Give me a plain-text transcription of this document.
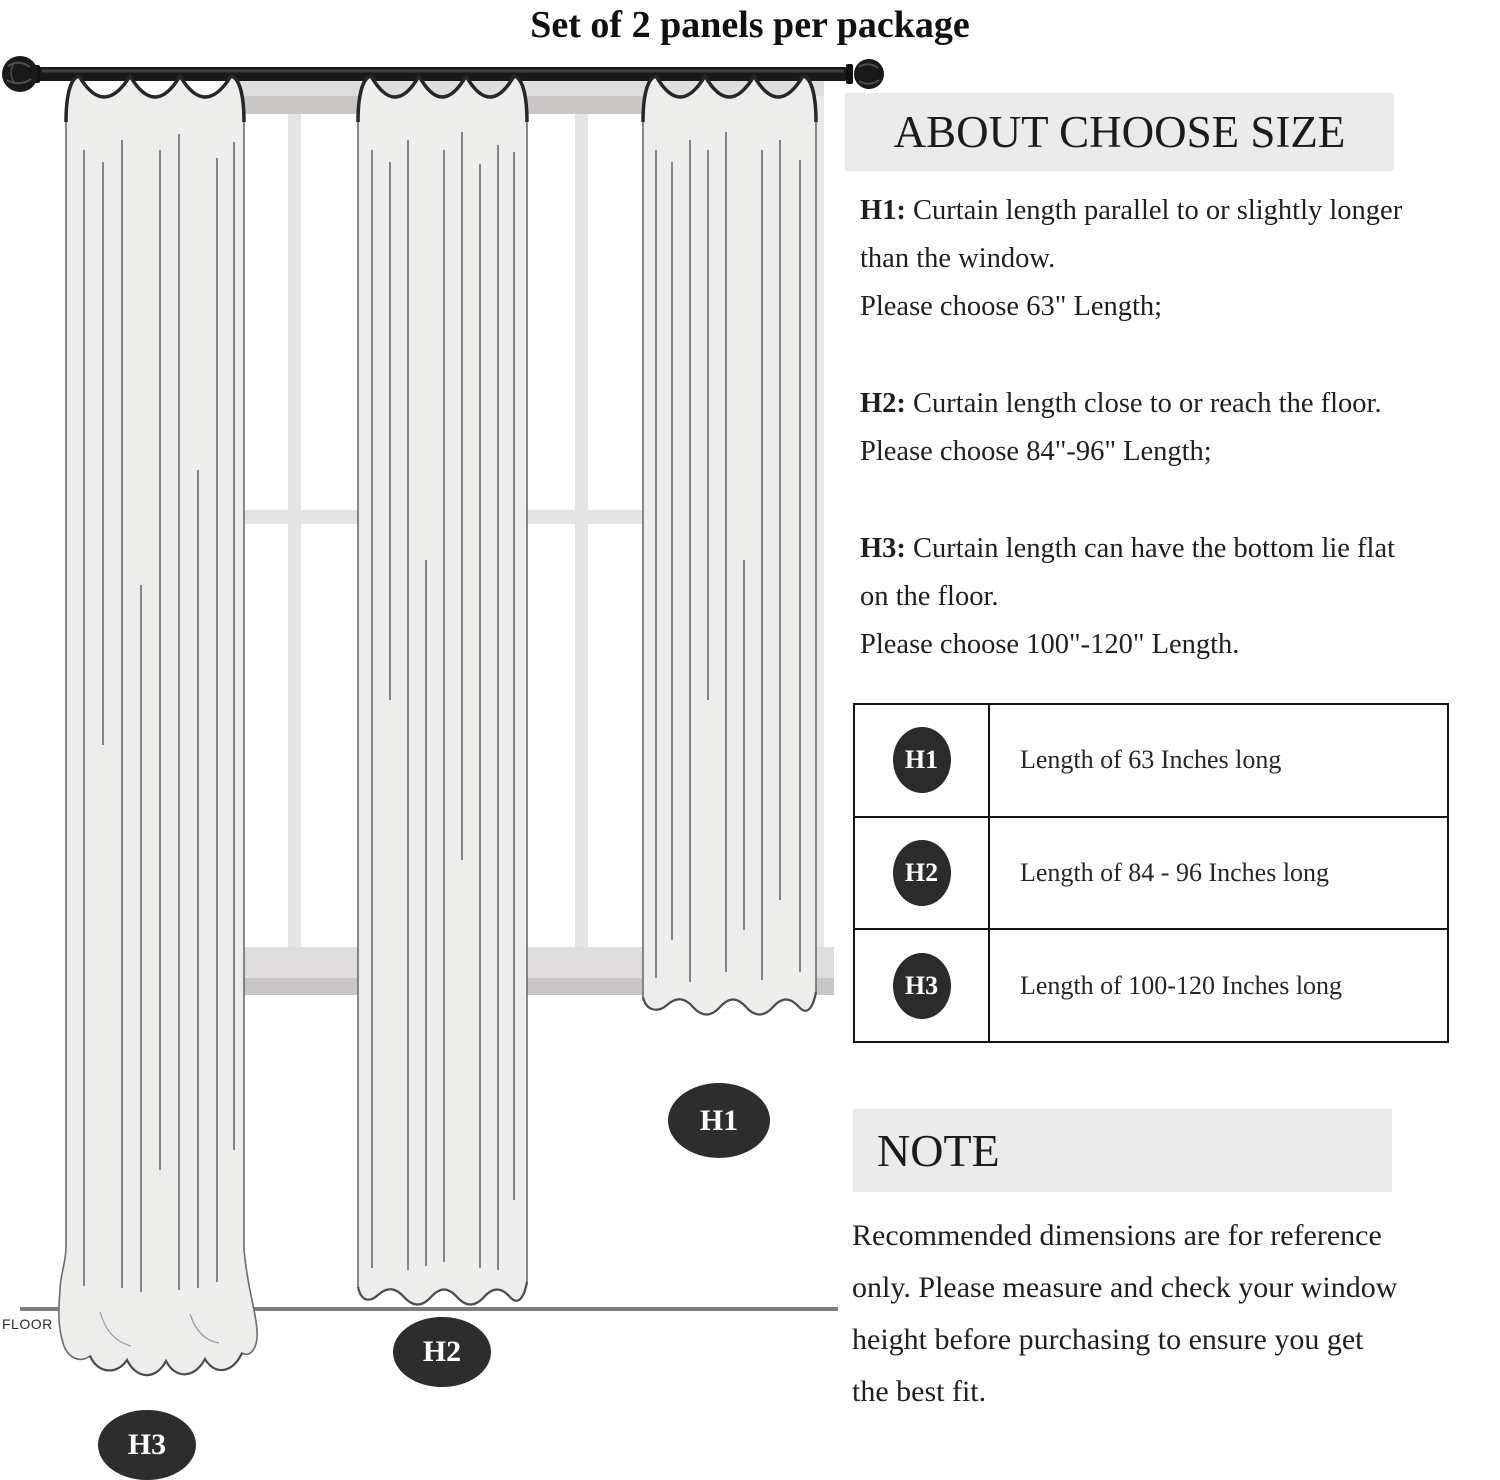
Set of 2 panels per package
FLOOR
H1
H2
H3
ABOUT CHOOSE SIZE
H1: Curtain length parallel to or slightly longer
than the window.
Please choose 63" Length;
H2: Curtain length close to or reach the floor.
Please choose 84"-96" Length;
H3: Curtain length can have the bottom lie flat
on the floor.
Please choose 100"-120" Length.
H1	Length of 63 Inches long
H2	Length of 84 - 96 Inches long
H3	Length of 100-120 Inches long
NOTE
Recommended dimensions are for reference
only. Please measure and check your window
height before purchasing to ensure you get
the best fit.
